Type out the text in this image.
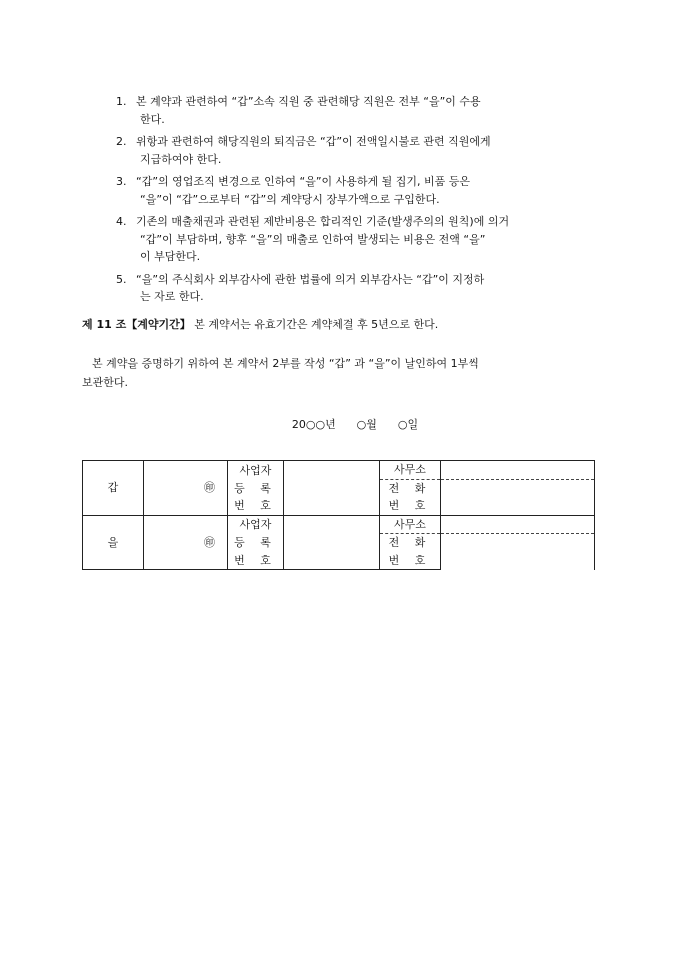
1. 본 계약과 관련하여 “갑”소속 직원 중 관련해당 직원은 전부 “을”이 수용
한다.
2. 위항과 관련하여 해당직원의 퇴직금은 “갑”이 전액일시불로 관련 직원에게
지급하여야 한다.
3. “갑”의 영업조직 변경으로 인하여 “을”이 사용하게 될 집기, 비품 등은
“을”이 “갑”으로부터 “갑”의 계약당시 장부가액으로 구입한다.
4. 기존의 매출채권과 관련된 제반비용은 합리적인 기준(발생주의의 원칙)에 의거
“갑”이 부담하며, 향후 “을”의 매출로 인하여 발생되는 비용은 전액 “을”
이 부담한다.
5. “을”의 주식회사 외부감사에 관한 법률에 의거 외부감사는 “갑”이 지정하
는 자로 한다.
제 11 조【계약기간】 본 계약서는 유효기간은 계약체결 후 5년으로 한다.
본 계약을 증명하기 위하여 본 계약서 2부를 작성 “갑” 과 “을”이 날인하여 1부씩
보관한다.
20○○년      ○월      ○일
갑	㊞	사업자		사무소	
		등 록		전 화	
		번 호		번 호	
을	㊞	사업자		사무소	
		등 록		전 화	
		번 호		번 호	
